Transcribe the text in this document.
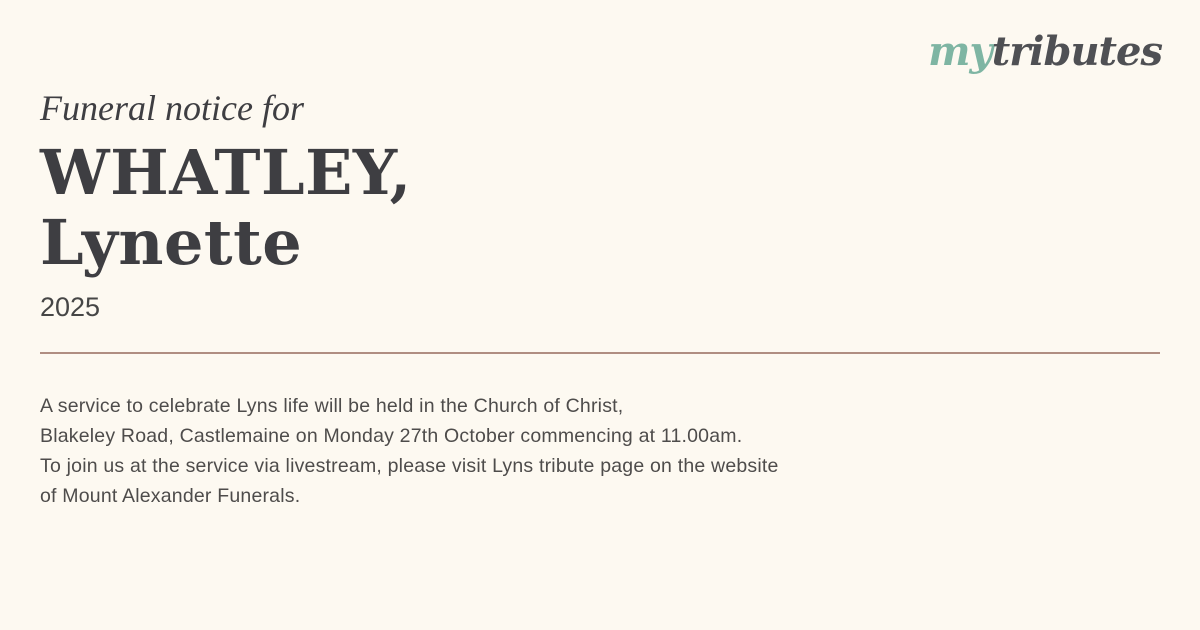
mytributes
Funeral notice for
WHATLEY,
Lynette
2025
A service to celebrate Lyns life will be held in the Church of Christ,
Blakeley Road, Castlemaine on Monday 27th October commencing at 11.00am.
To join us at the service via livestream, please visit Lyns tribute page on the website
of Mount Alexander Funerals.
